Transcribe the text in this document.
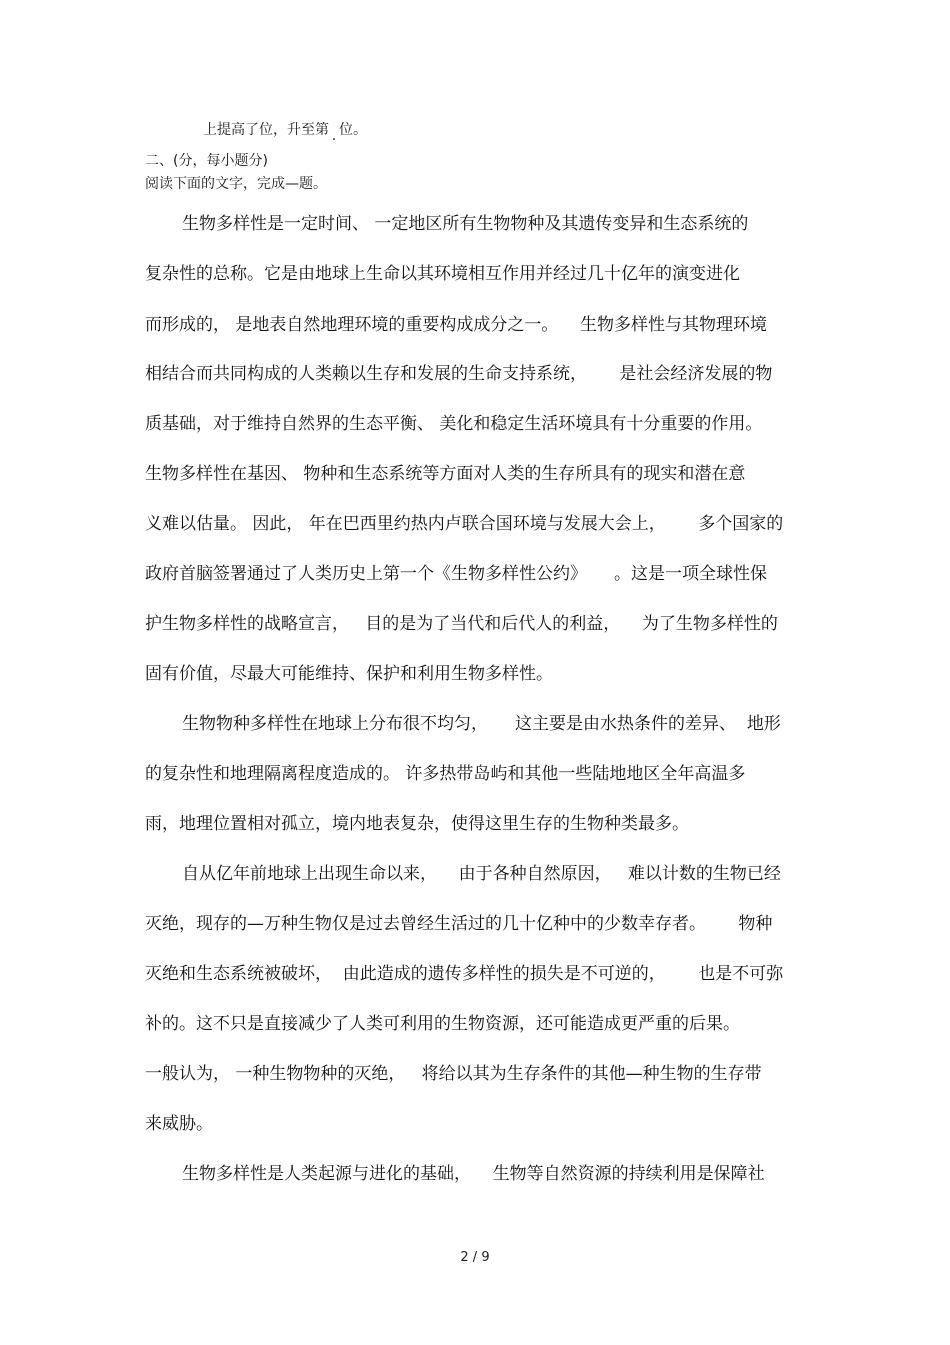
上提高了位，升至第 . 位。
二、(分，每小题分)
阅读下面的文字，完成—题。
生物多样性是一定时间、 一定地区所有生物物种及其遗传变异和生态系统的
复杂性的总称。它是由地球上生命以其环境相互作用并经过几十亿年的演变进化
而形成的， 是地表自然地理环境的重要构成成分之一。    生物多样性与其物理环境
相结合而共同构成的人类赖以生存和发展的生命支持系统，      是社会经济发展的物
质基础，对于维持自然界的生态平衡、 美化和稳定生活环境具有十分重要的作用。
生物多样性在基因、 物种和生态系统等方面对人类的生存所具有的现实和潜在意
义难以估量。 因此， 年在巴西里约热内卢联合国环境与发展大会上，      多个国家的
政府首脑签署通过了人类历史上第一个《生物多样性公约》     。这是一项全球性保
护生物多样性的战略宣言，   目的是为了当代和后代人的利益，    为了生物多样性的
固有价值，尽最大可能维持、保护和利用生物多样性。
生物物种多样性在地球上分布很不均匀，     这主要是由水热条件的差异、  地形
的复杂性和地理隔离程度造成的。 许多热带岛屿和其他一些陆地地区全年高温多
雨，地理位置相对孤立，境内地表复杂，使得这里生存的生物种类最多。
自从亿年前地球上出现生命以来，    由于各种自然原因，   难以计数的生物已经
灭绝，现存的—万种生物仅是过去曾经生活过的几十亿种中的少数幸存者。      物种
灭绝和生态系统被破坏，  由此造成的遗传多样性的损失是不可逆的，      也是不可弥
补的。这不只是直接减少了人类可利用的生物资源，还可能造成更严重的后果。
一般认为， 一种生物物种的灭绝，   将给以其为生存条件的其他—种生物的生存带
来威胁。
生物多样性是人类起源与进化的基础，    生物等自然资源的持续利用是保障社
2 / 9
